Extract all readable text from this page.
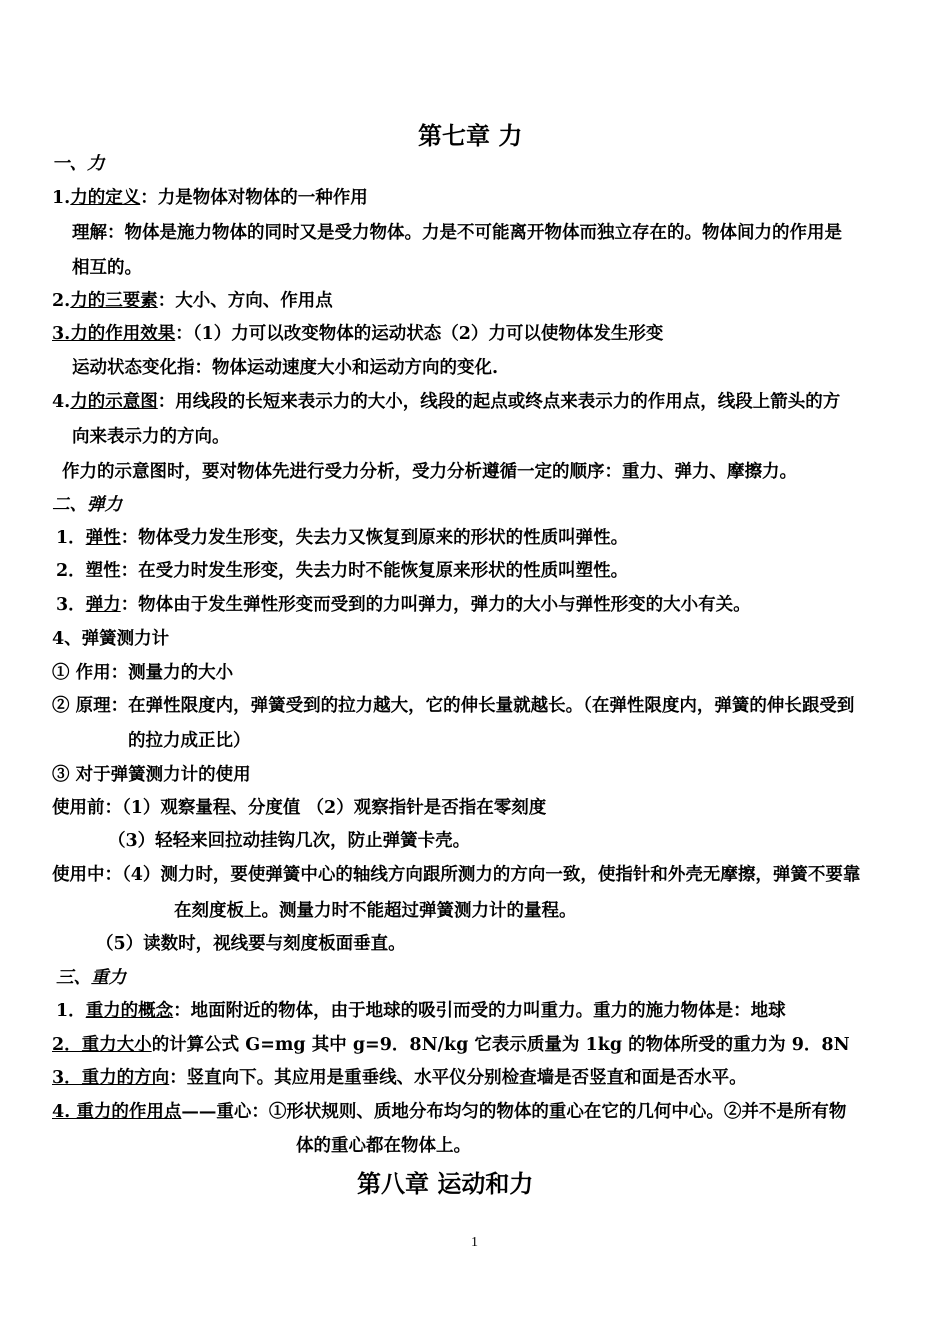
第七章 力
一、力
1.力的定义：力是物体对物体的一种作用
理解：物体是施力物体的同时又是受力物体。力是不可能离开物体而独立存在的。物体间力的作用是
相互的。
2.力的三要素：大小、方向、作用点
3.力的作用效果：（1）力可以改变物体的运动状态（2）力可以使物体发生形变
运动状态变化指：物体运动速度大小和运动方向的变化.
4.力的示意图：用线段的长短来表示力的大小，线段的起点或终点来表示力的作用点，线段上箭头的方
向来表示力的方向。
作力的示意图时，要对物体先进行受力分析，受力分析遵循一定的顺序：重力、弹力、摩擦力。
二、弹力
1．弹性：物体受力发生形变，失去力又恢复到原来的形状的性质叫弹性。
2．塑性：在受力时发生形变，失去力时不能恢复原来形状的性质叫塑性。
3．弹力：物体由于发生弹性形变而受到的力叫弹力，弹力的大小与弹性形变的大小有关。
4、弹簧测力计
① 作用：测量力的大小
② 原理：在弹性限度内，弹簧受到的拉力越大，它的伸长量就越长。（在弹性限度内，弹簧的伸长跟受到
的拉力成正比）
③ 对于弹簧测力计的使用
使用前：（1）观察量程、分度值 （2）观察指针是否指在零刻度
（3）轻轻来回拉动挂钩几次，防止弹簧卡壳。
使用中：（4）测力时，要使弹簧中心的轴线方向跟所测力的方向一致，使指针和外壳无摩擦，弹簧不要靠
在刻度板上。测量力时不能超过弹簧测力计的量程。
（5）读数时，视线要与刻度板面垂直。
三、重力
1．重力的概念：地面附近的物体，由于地球的吸引而受的力叫重力。重力的施力物体是：地球
2．重力大小的计算公式 G=mg 其中 g=9．8N/kg 它表示质量为 1kg 的物体所受的重力为 9．8N
3．重力的方向：竖直向下。其应用是重垂线、水平仪分别检查墙是否竖直和面是否水平。
4. 重力的作用点——重心：①形状规则、质地分布均匀的物体的重心在它的几何中心。②并不是所有物
体的重心都在物体上。
第八章 运动和力
1
